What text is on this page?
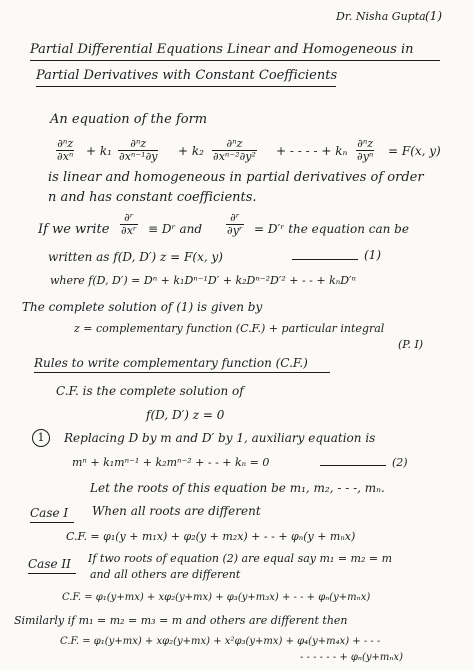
Dr. Nisha Gupta (1)
Partial Differential Equations Linear and Homogeneous in
Partial Derivatives with Constant Coefficients
An equation of the form
$\frac{\text{∂ⁿz}}{\text{∂xⁿ}} + k_1 \frac{\text{∂ⁿz}}{\text{∂xⁿ⁻¹∂y}} + k_2 \frac{\text{∂ⁿz}}{\text{∂xⁿ⁻²∂y²}}$ + - - - - + kₙ $\frac{\text{∂ⁿz}}{\text{∂yⁿ}} = F(x$, y)
is linear and homogeneous in partial derivatives of order
n and has constant coefficients.
If we write $\frac{\text{∂ʳ}}{\text{∂xʳ}}$ ≡ Dʳ and $\frac{\text{∂ʳ}}{\text{∂yʳ}}$ = D′ʳ the equation can be
written as f(D, D′) z = F(x, y)	(1)
where f(D, D′) = Dⁿ + k₁Dⁿ⁻¹D′ + k₂Dⁿ⁻²D′² + - - + kₙD′ⁿ
The complete solution of (1) is given by
z = complementary function (C.F.) + particular integral
(P. I)
Rules to write complementary function (C.F.)
C.F. is the complete solution of
f(D, D′) z = 0
1	Replacing D by m and D′ by 1, auxiliary equation is
mⁿ + k₁mⁿ⁻¹ + k₂mⁿ⁻² + - - + kₙ = 0	(2)
Let the roots of this equation be m₁, m₂, - - -, mₙ.
Case I When all roots are different
C.F. = φ₁(y + m₁x) + φ₂(y + m₂x) + - - + φₙ(y + mₙx)
Case II If two roots of equation (2) are equal say m₁ = m₂ = m
and all others are different
C.F. = φ₁(y+mx) + xφ₂(y+mx) + φ₃(y+m₃x) + - - + φₙ(y+mₙx)
Similarly if m₁ = m₂ = m₃ = m and others are different then
C.F. = φ₁(y+mx) + xφ₂(y+mx) + x²φ₃(y+mx) + φ₄(y+m₄x) + - - -
- - - - - - + φₙ(y+mₙx)
